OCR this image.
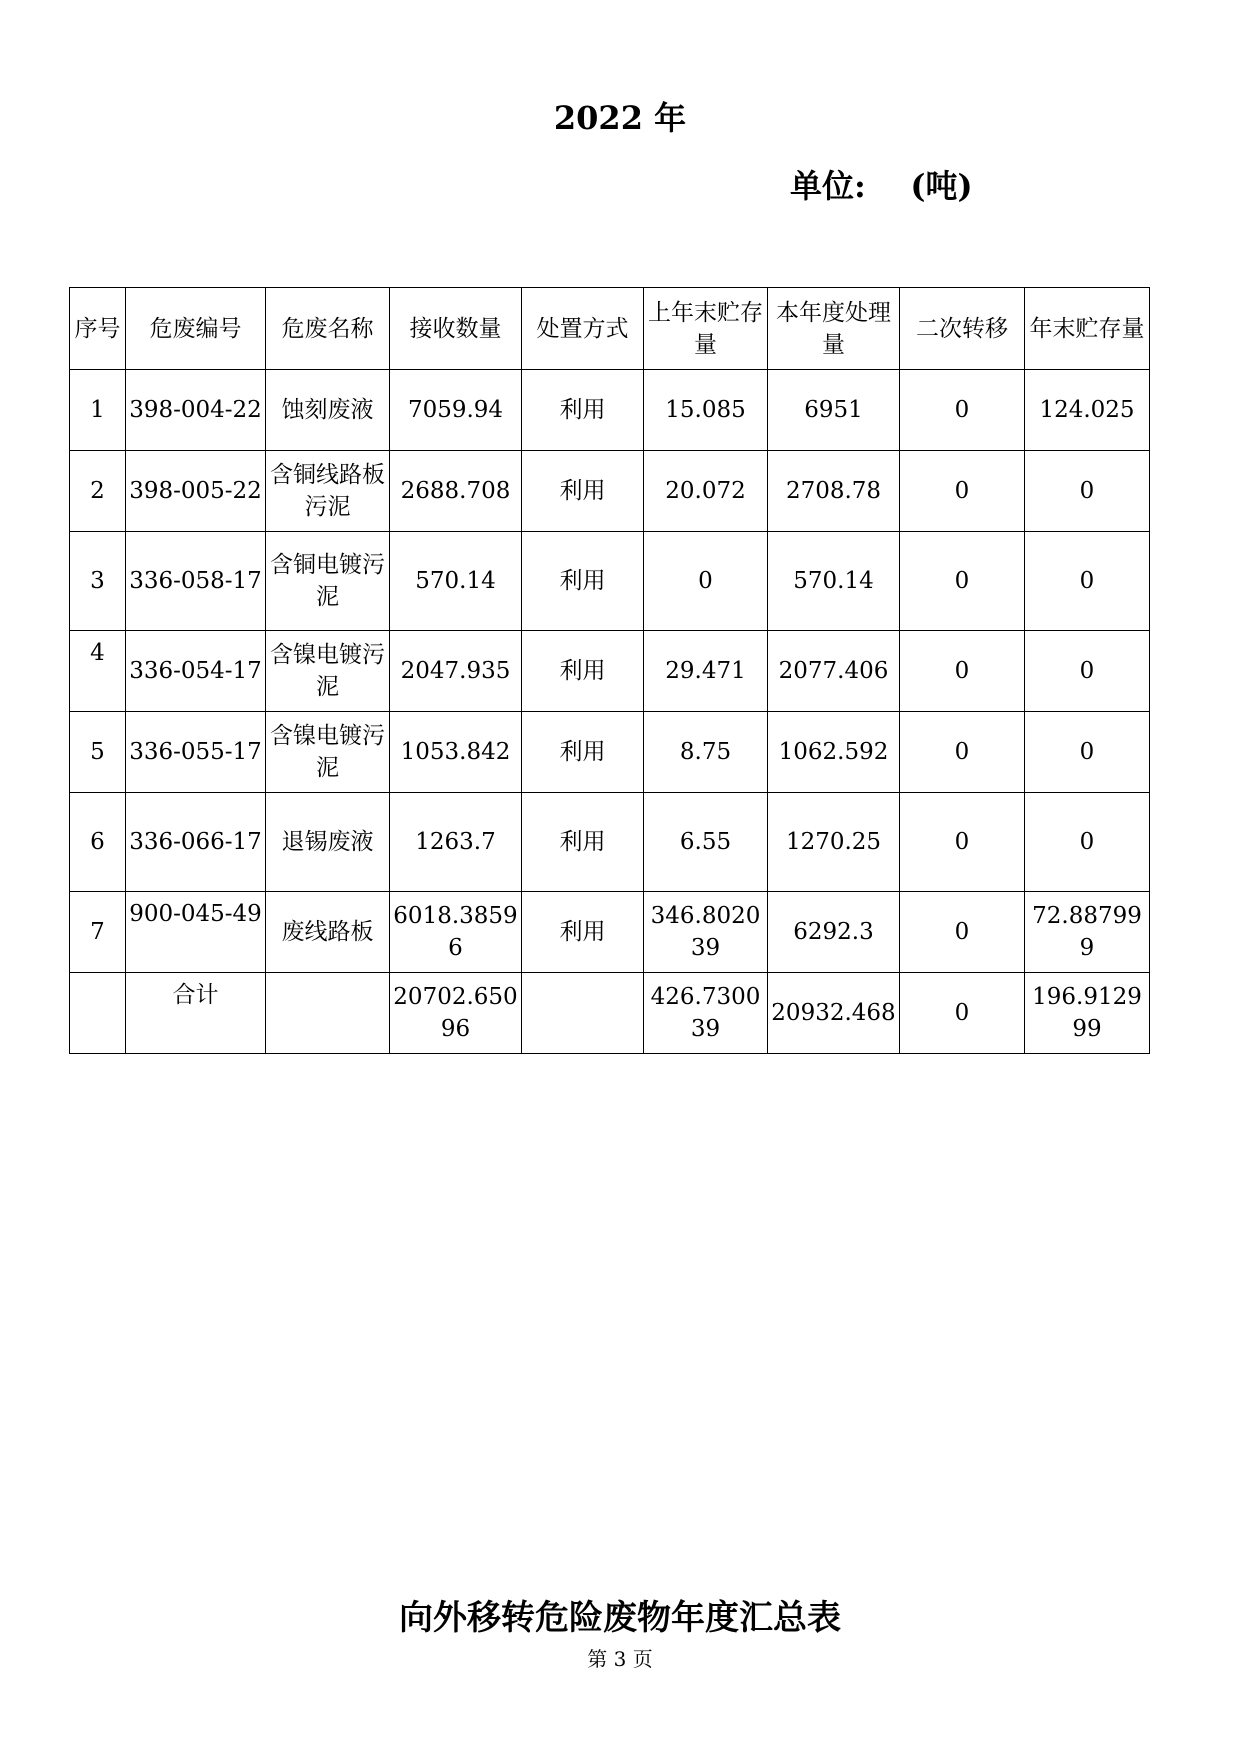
2022 年
单位: (吨)
序号	危废编号	危废名称	接收数量	处置方式	上年末贮存量	本年度处理量	二次转移	年末贮存量
1	398-004-22	蚀刻废液	7059.94	利用	15.085	6951	0	124.025
2	398-005-22	含铜线路板污泥	2688.708	利用	20.072	2708.78	0	0
3	336-058-17	含铜电镀污泥	570.14	利用	0	570.14	0	0
4	336-054-17	含镍电镀污泥	2047.935	利用	29.471	2077.406	0	0
5	336-055-17	含镍电镀污泥	1053.842	利用	8.75	1062.592	0	0
6	336-066-17	退锡废液	1263.7	利用	6.55	1270.25	0	0
7	900-045-49	废线路板	6018.38596	利用	346.802039	6292.3	0	72.887999
	合计		20702.65096		426.730039	20932.468	0	196.912999
向外移转危险废物年度汇总表
第 3 页
